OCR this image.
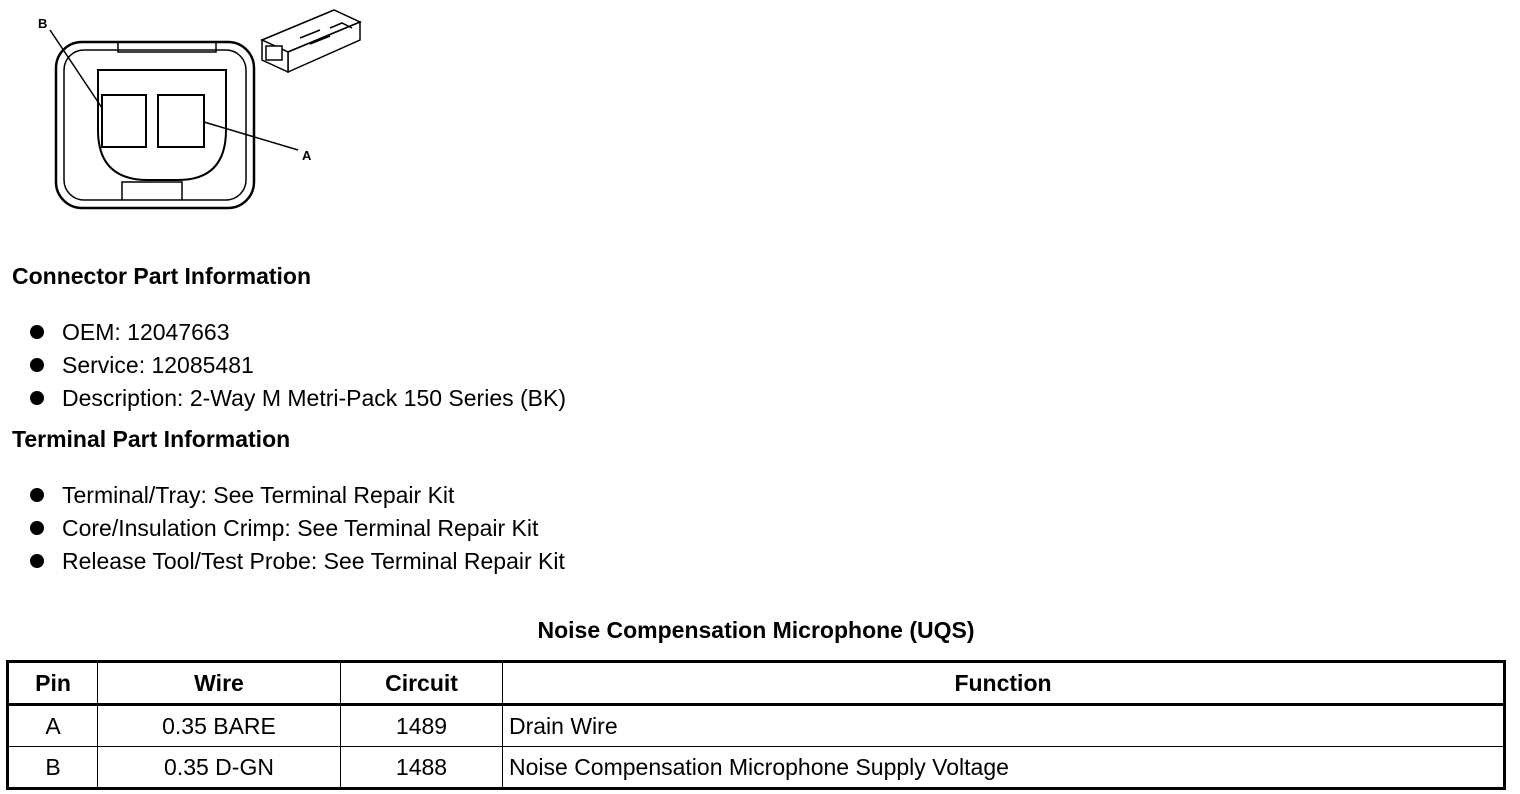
B
A
Connector Part Information
OEM: 12047663
Service: 12085481
Description: 2-Way M Metri-Pack 150 Series (BK)
Terminal Part Information
Terminal/Tray: See Terminal Repair Kit
Core/Insulation Crimp: See Terminal Repair Kit
Release Tool/Test Probe: See Terminal Repair Kit
Noise Compensation Microphone (UQS)
Pin	Wire	Circuit	Function
A	0.35 BARE	1489	Drain Wire
B	0.35 D-GN	1488	Noise Compensation Microphone Supply Voltage
